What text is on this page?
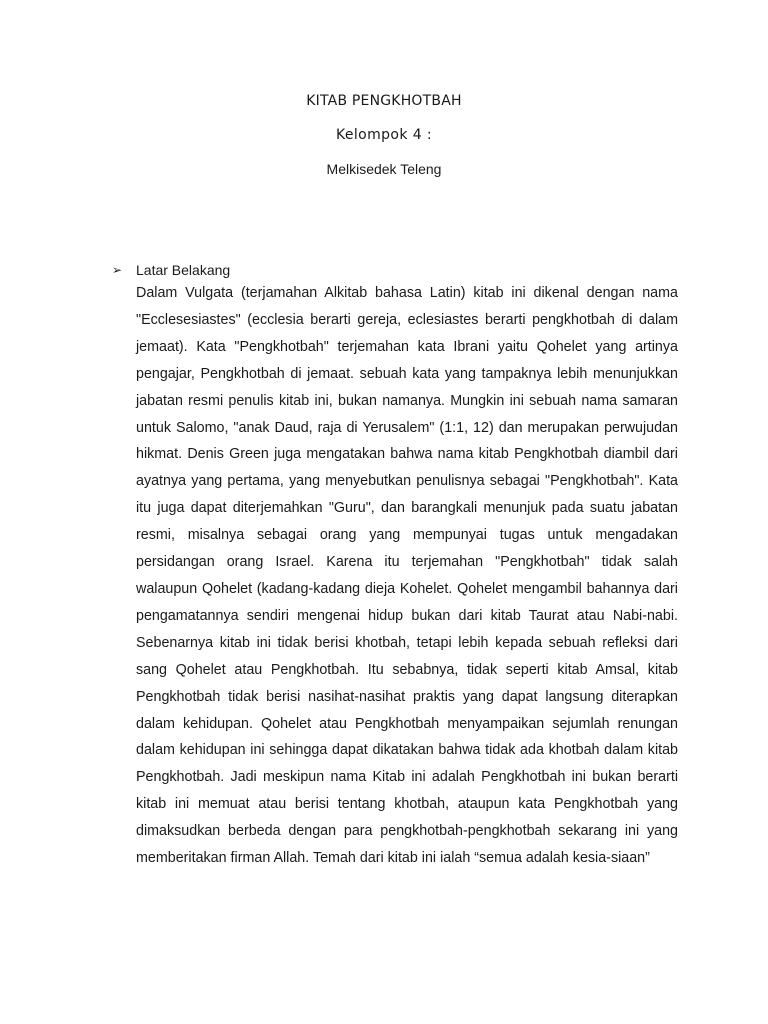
KITAB PENGKHOTBAH
Kelompok 4 :
Melkisedek Teleng
➢ Latar Belakang

Dalam Vulgata (terjamahan Alkitab bahasa Latin) kitab ini dikenal dengan nama "Ecclesesiastes" (ecclesia berarti gereja, eclesiastes berarti pengkhotbah di dalam jemaat). Kata "Pengkhotbah" terjemahan kata Ibrani yaitu Qohelet yang artinya pengajar, Pengkhotbah di jemaat. sebuah kata yang tampaknya lebih menunjukkan jabatan resmi penulis kitab ini, bukan namanya. Mungkin ini sebuah nama samaran untuk Salomo, "anak Daud, raja di Yerusalem" (1:1, 12) dan merupakan perwujudan hikmat. Denis Green juga mengatakan bahwa nama kitab Pengkhotbah diambil dari ayatnya yang pertama, yang menyebutkan penulisnya sebagai "Pengkhotbah". Kata itu juga dapat diterjemahkan "Guru", dan barangkali menunjuk pada suatu jabatan resmi, misalnya sebagai orang yang mempunyai tugas untuk mengadakan persidangan orang Israel. Karena itu terjemahan "Pengkhotbah" tidak salah walaupun Qohelet (kadang-kadang dieja Kohelet. Qohelet mengambil bahannya dari pengamatannya sendiri mengenai hidup bukan dari kitab Taurat atau Nabi-nabi. Sebenarnya kitab ini tidak berisi khotbah, tetapi lebih kepada sebuah refleksi dari sang Qohelet atau Pengkhotbah. Itu sebabnya, tidak seperti kitab Amsal, kitab Pengkhotbah tidak berisi nasihat-nasihat praktis yang dapat langsung diterapkan dalam kehidupan. Qohelet atau Pengkhotbah menyampaikan sejumlah renungan dalam kehidupan ini sehingga dapat dikatakan bahwa tidak ada khotbah dalam kitab Pengkhotbah. Jadi meskipun nama Kitab ini adalah Pengkhotbah ini bukan berarti kitab ini memuat atau berisi tentang khotbah, ataupun kata Pengkhotbah yang dimaksudkan berbeda dengan para pengkhotbah-pengkhotbah sekarang ini yang memberitakan firman Allah. Temah dari kitab ini ialah “semua adalah kesia-siaan”
